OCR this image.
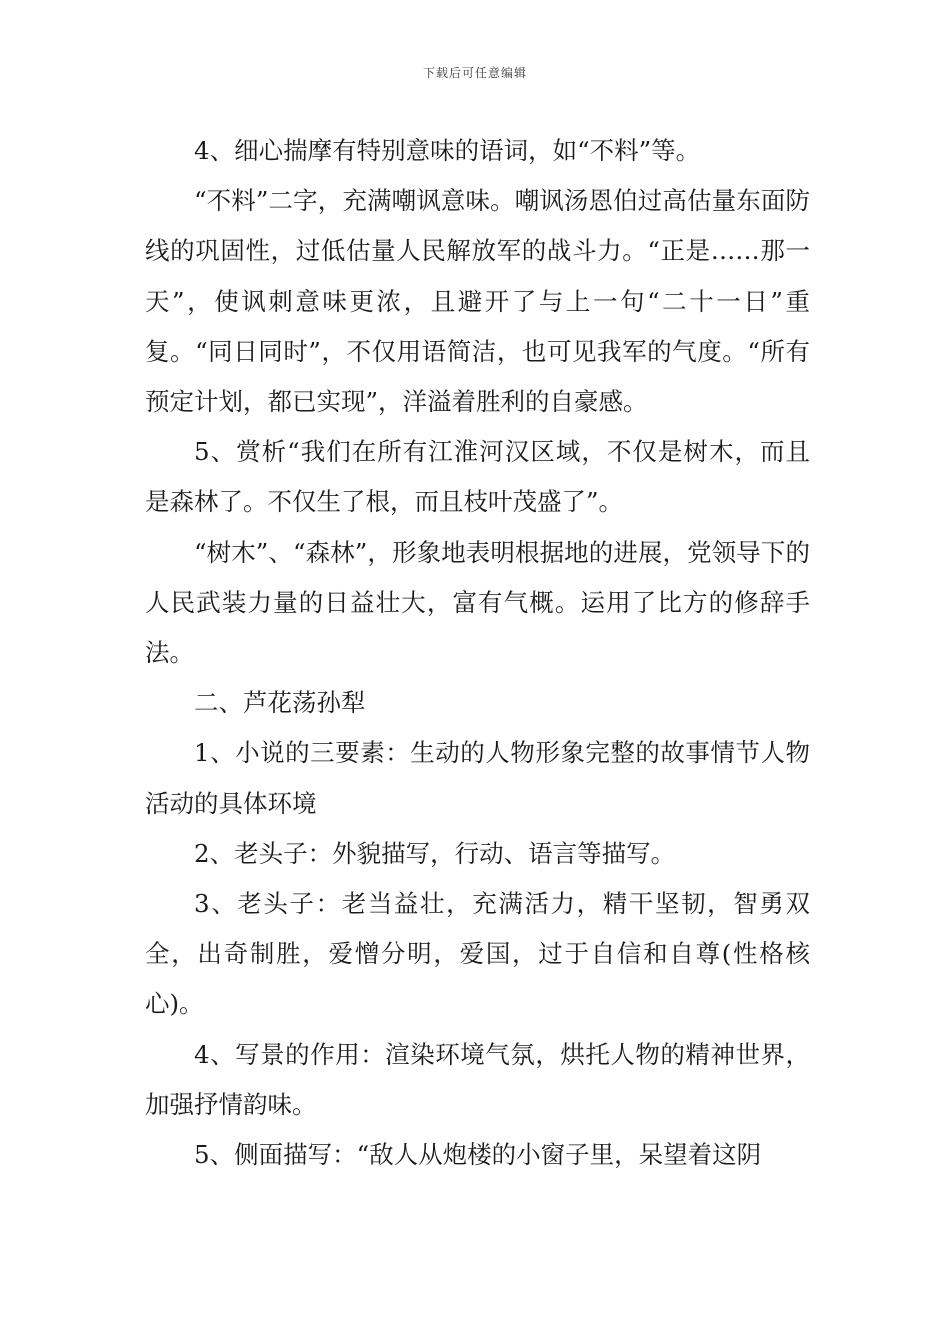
下载后可任意编辑

4、细心揣摩有特别意味的语词，如“不料”等。

“不料”二字，充满嘲讽意味。嘲讽汤恩伯过高估量东面防线的巩固性，过低估量人民解放军的战斗力。“正是……那一天”，使讽刺意味更浓，且避开了与上一句“二十一日”重复。“同日同时”，不仅用语简洁，也可见我军的气度。“所有预定计划，都已实现”，洋溢着胜利的自豪感。

5、赏析“我们在所有江淮河汉区域，不仅是树木，而且是森林了。不仅生了根，而且枝叶茂盛了”。

“树木”、“森林”，形象地表明根据地的进展，党领导下的人民武装力量的日益壮大，富有气概。运用了比方的修辞手法。

二、芦花荡孙犁

1、小说的三要素：生动的人物形象完整的故事情节人物活动的具体环境

2、老头子：外貌描写，行动、语言等描写。

3、老头子：老当益壮，充满活力，精干坚韧，智勇双全，出奇制胜，爱憎分明，爱国，过于自信和自尊(性格核心)。

4、写景的作用：渲染环境气氛，烘托人物的精神世界，加强抒情韵味。

5、侧面描写：“敌人从炮楼的小窗子里，呆望着这阴
